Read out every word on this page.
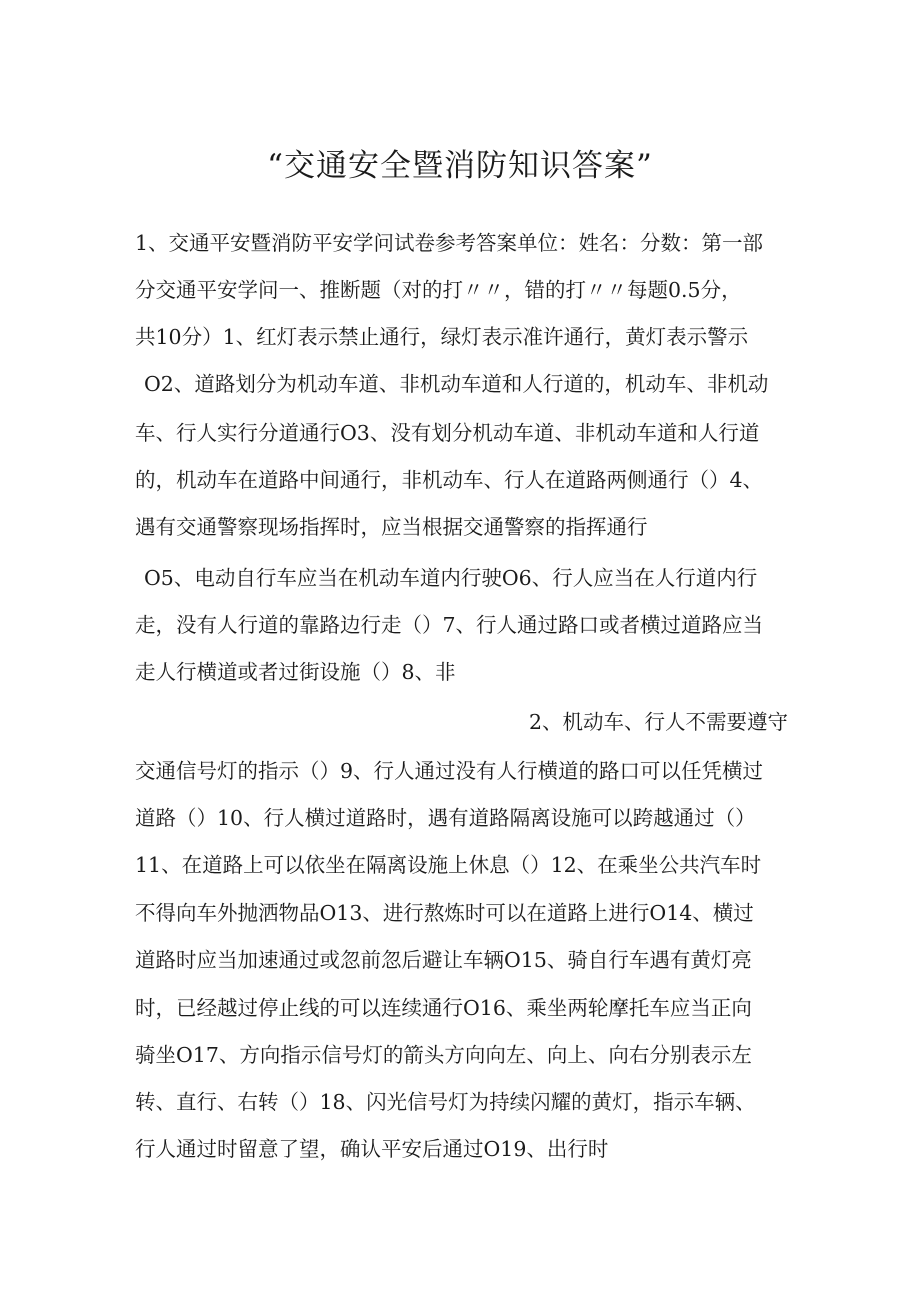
“交通安全暨消防知识答案”
1、交通平安暨消防平安学问试卷参考答案单位：姓名：分数：第一部
分交通平安学问一、推断题（对的打〃〃，错的打〃〃每题0.5分，
共10分）1、红灯表示禁止通行，绿灯表示准许通行，黄灯表示警示
O2、道路划分为机动车道、非机动车道和人行道的，机动车、非机动
车、行人实行分道通行O3、没有划分机动车道、非机动车道和人行道
的，机动车在道路中间通行，非机动车、行人在道路两侧通行（）4、
遇有交通警察现场指挥时，应当根据交通警察的指挥通行
O5、电动自行车应当在机动车道内行驶O6、行人应当在人行道内行
走，没有人行道的靠路边行走（）7、行人通过路口或者横过道路应当
走人行横道或者过街设施（）8、非
2、机动车、行人不需要遵守
交通信号灯的指示（）9、行人通过没有人行横道的路口可以任凭横过
道路（）10、行人横过道路时，遇有道路隔离设施可以跨越通过（）
11、在道路上可以依坐在隔离设施上休息（）12、在乘坐公共汽车时
不得向车外抛洒物品O13、进行熬炼时可以在道路上进行O14、横过
道路时应当加速通过或忽前忽后避让车辆O15、骑自行车遇有黄灯亮
时，已经越过停止线的可以连续通行O16、乘坐两轮摩托车应当正向
骑坐O17、方向指示信号灯的箭头方向向左、向上、向右分别表示左
转、直行、右转（）18、闪光信号灯为持续闪耀的黄灯，指示车辆、
行人通过时留意了望，确认平安后通过O19、出行时
